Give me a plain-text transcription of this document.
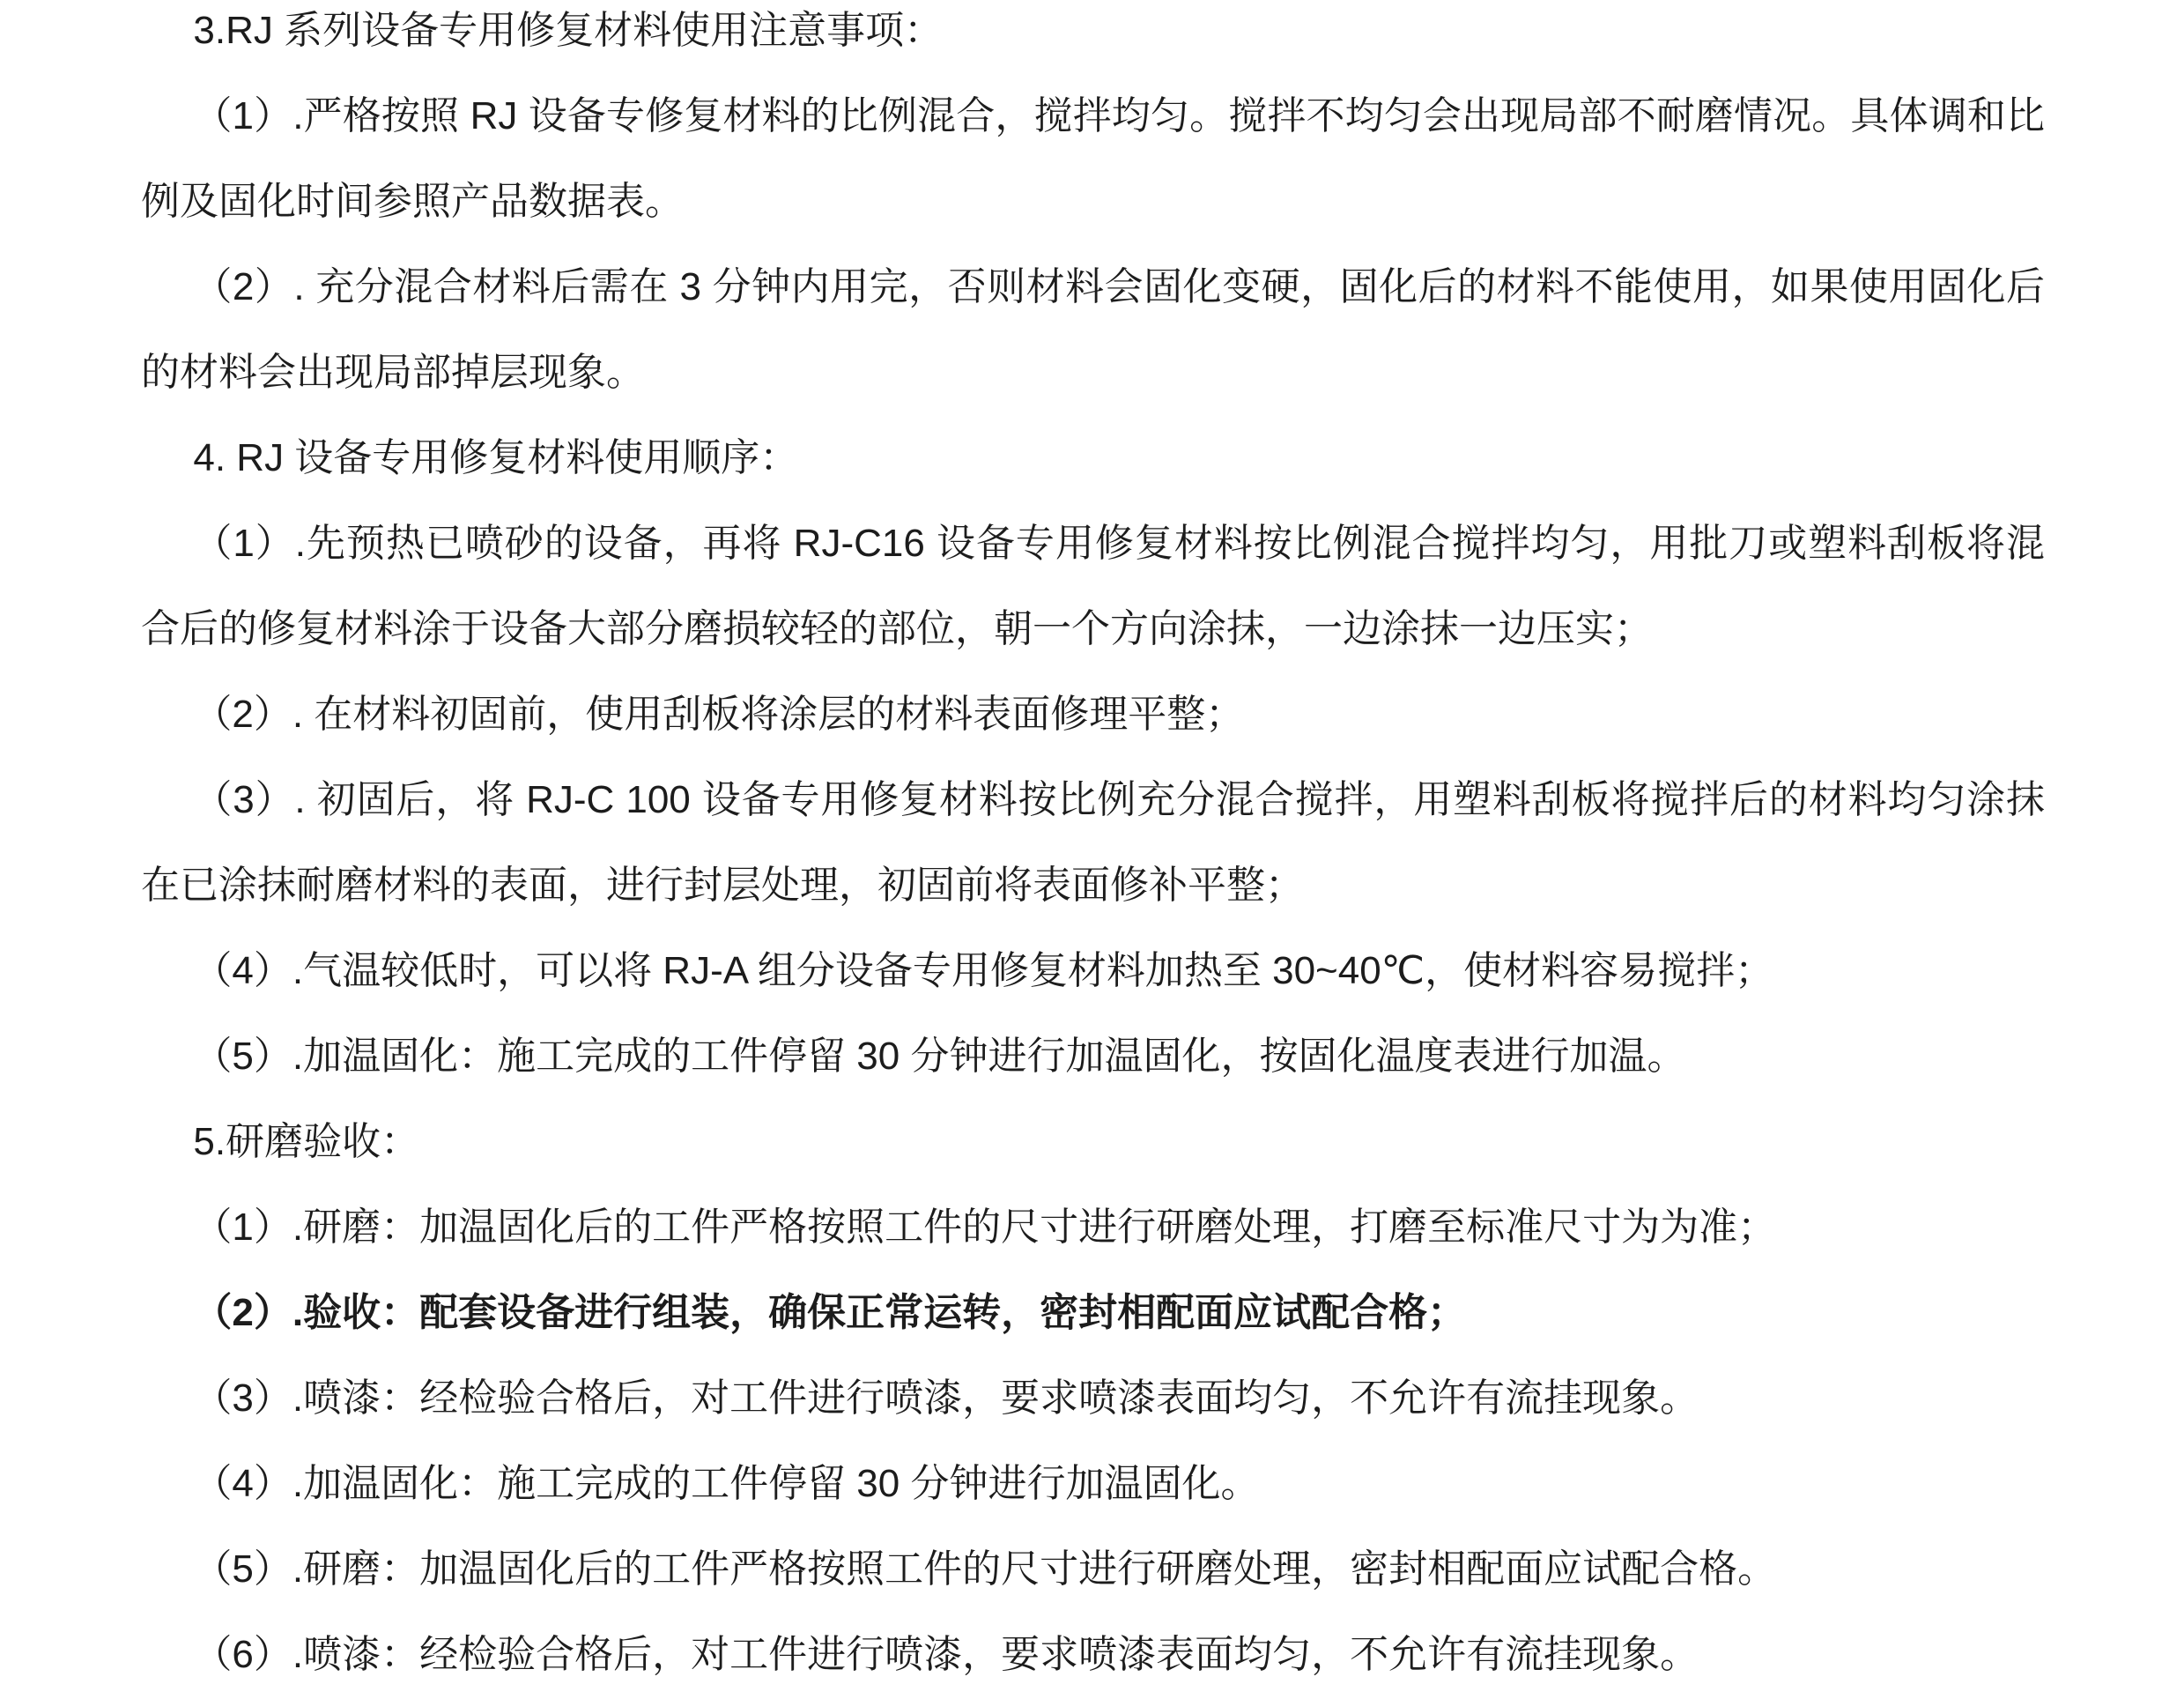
3.RJ 系列设备专用修复材料使用注意事项：

（1）.严格按照 RJ 设备专修复材料的比例混合，搅拌均匀。搅拌不均匀会出现局部不耐磨情况。具体调和比例及固化时间参照产品数据表。

（2）. 充分混合材料后需在 3 分钟内用完，否则材料会固化变硬，固化后的材料不能使用，如果使用固化后的材料会出现局部掉层现象。

4. RJ 设备专用修复材料使用顺序：

（1）.先预热已喷砂的设备，再将 RJ-C16 设备专用修复材料按比例混合搅拌均匀，用批刀或塑料刮板将混合后的修复材料涂于设备大部分磨损较轻的部位，朝一个方向涂抹，一边涂抹一边压实；

（2）. 在材料初固前，使用刮板将涂层的材料表面修理平整；

（3）. 初固后，将 RJ-C 100 设备专用修复材料按比例充分混合搅拌，用塑料刮板将搅拌后的材料均匀涂抹在已涂抹耐磨材料的表面，进行封层处理，初固前将表面修补平整；

（4）.气温较低时，可以将 RJ-A 组分设备专用修复材料加热至 30~40℃，使材料容易搅拌；

（5）.加温固化：施工完成的工件停留 30 分钟进行加温固化，按固化温度表进行加温。

5.研磨验收：

（1）.研磨：加温固化后的工件严格按照工件的尺寸进行研磨处理，打磨至标准尺寸为为准；

（2）.验收：配套设备进行组装，确保正常运转，密封相配面应试配合格；

（3）.喷漆：经检验合格后，对工件进行喷漆，要求喷漆表面均匀，不允许有流挂现象。

（4）.加温固化：施工完成的工件停留 30 分钟进行加温固化。

（5）.研磨：加温固化后的工件严格按照工件的尺寸进行研磨处理，密封相配面应试配合格。

（6）.喷漆：经检验合格后，对工件进行喷漆，要求喷漆表面均匀，不允许有流挂现象。
